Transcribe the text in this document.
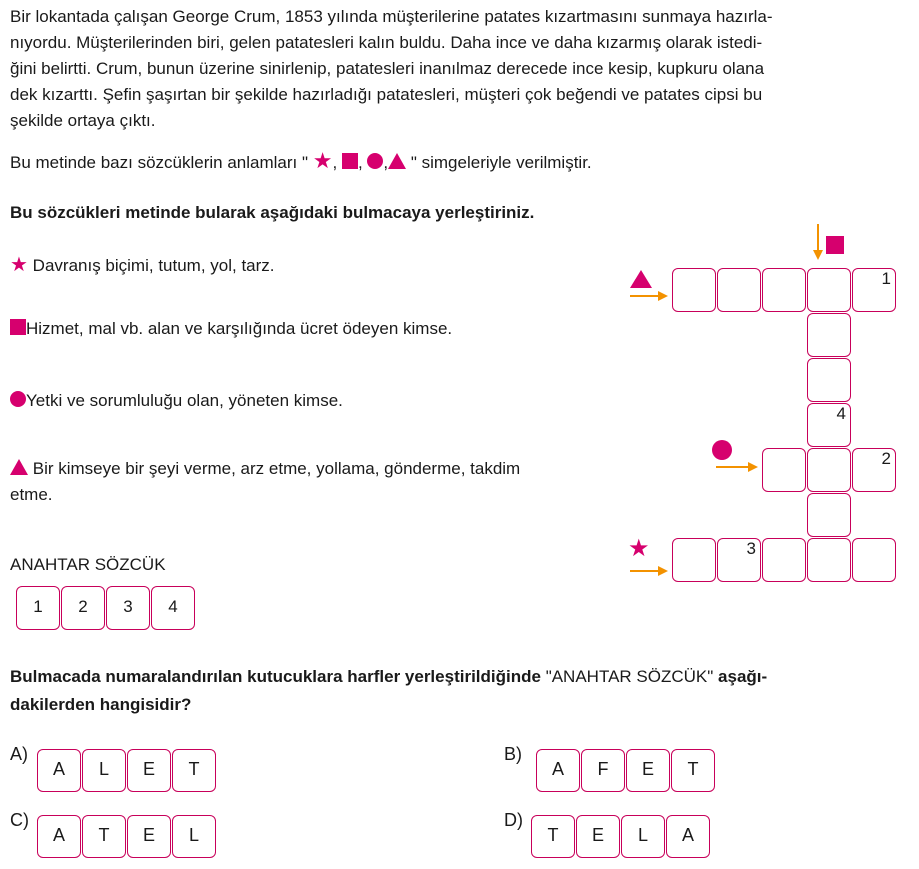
Bir lokantada çalışan George Crum, 1853 yılında müşterilerine patates kızartmasını sunmaya hazırla-

nıyordu. Müşterilerinden biri, gelen patatesleri kalın buldu. Daha ince ve daha kızarmış olarak istedi-

ğini belirtti. Crum, bunun üzerine sinirlenip, patatesleri inanılmaz derecede ince kesip, kupkuru olana

dek kızarttı. Şefin şaşırtan bir şekilde hazırladığı patatesleri, müşteri çok beğendi ve patates cipsi bu

şekilde ortaya çıktı.

Bu metinde bazı sözcüklerin anlamları " ★, , , " simgeleriyle verilmiştir.

Bu sözcükleri metinde bularak aşağıdaki bulmacaya yerleştiriniz.

★ Davranış biçimi, tutum, yol, tarz.

Hizmet, mal vb. alan ve karşılığında ücret ödeyen kimse.

Yetki ve sorumluluğu olan, yöneten kimse.

Bir kimseye bir şeyi verme, arz etme, yollama, gönderme, takdim

etme.

ANAHTAR SÖZCÜK

1	2	3	4
1
4
2
★	3

Bulmacada numaralandırılan kutucuklara harfler yerleştirildiğinde "ANAHTAR SÖZCÜK" aşağı-

dakilerden hangisidir?

A)
A	L	E	T
B)
A	F	E	T
C)
A	T	E	L
D)
T	E	L	A
